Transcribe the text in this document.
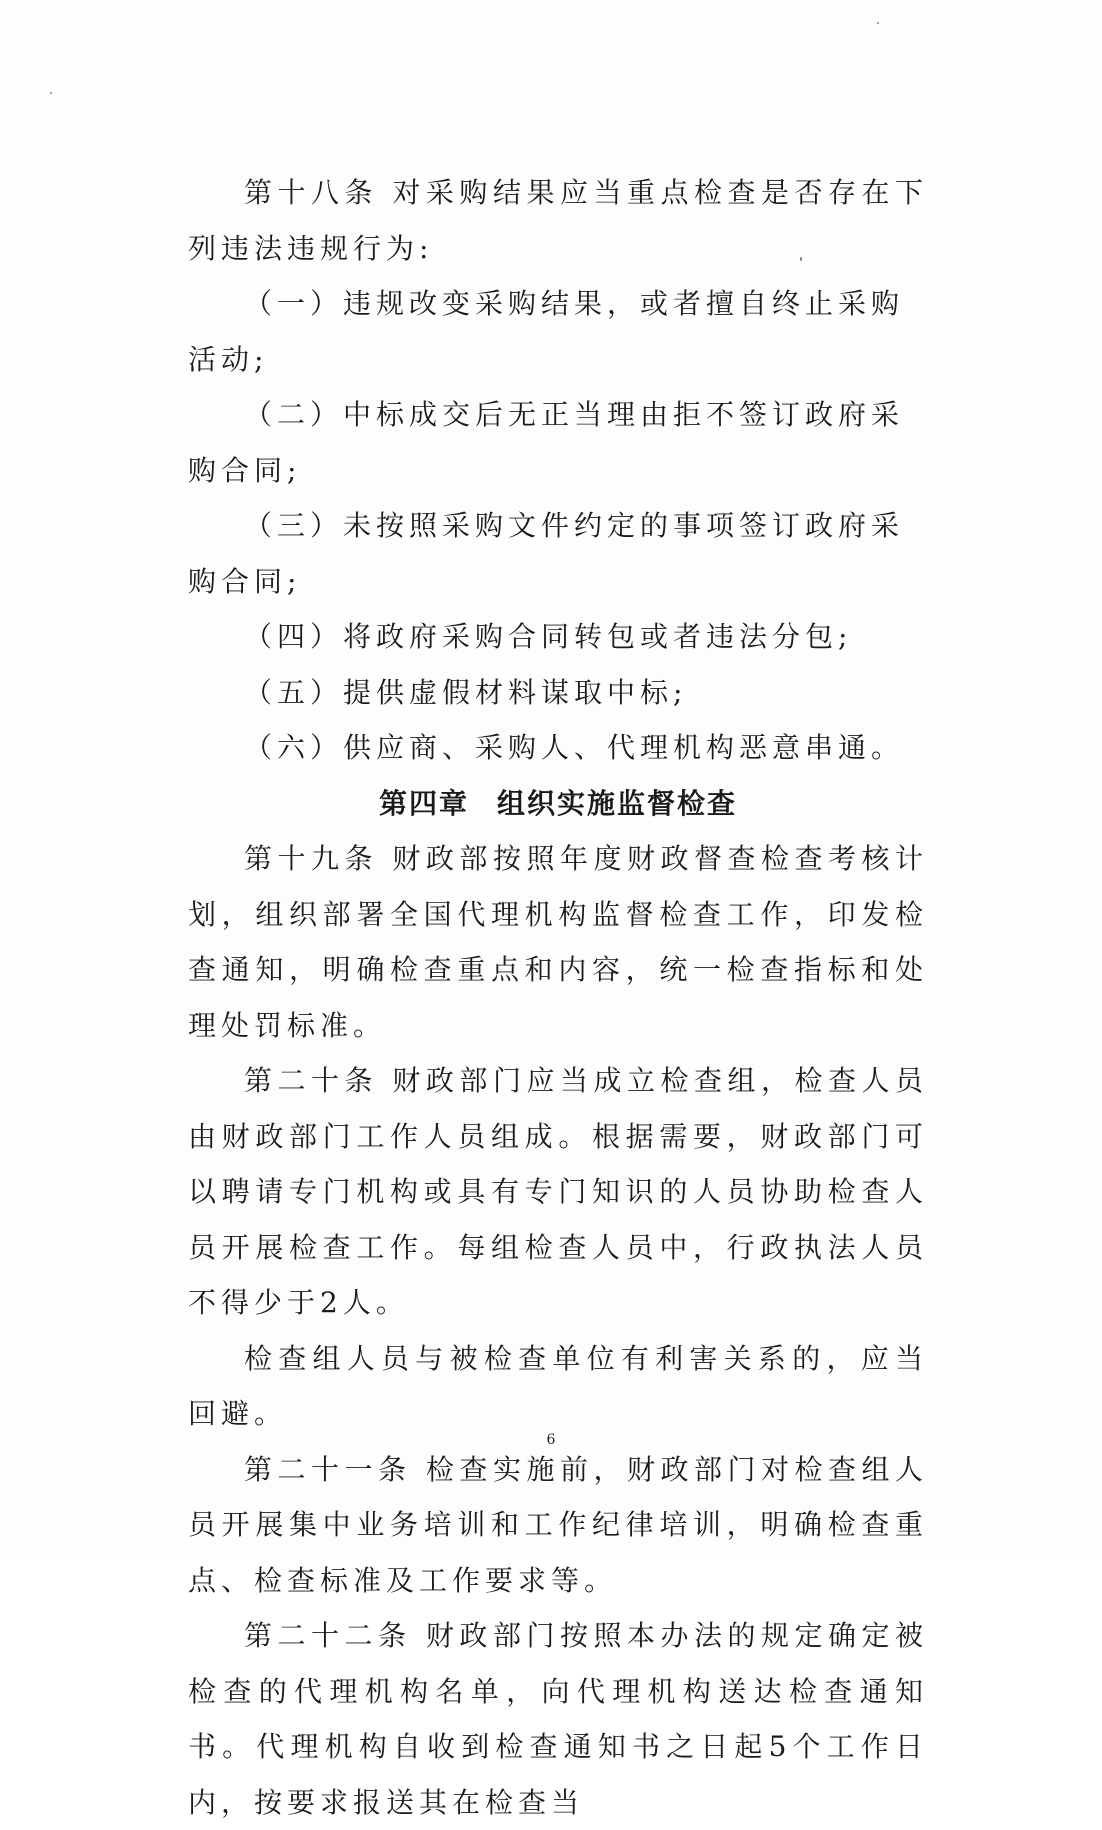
第十八条 对采购结果应当重点检查是否存在下列违法违规行为:

（一）违规改变采购结果，或者擅自终止采购活动;

（二）中标成交后无正当理由拒不签订政府采购合同;

（三）未按照采购文件约定的事项签订政府采购合同;

（四）将政府采购合同转包或者违法分包;

（五）提供虚假材料谋取中标;

（六）供应商、采购人、代理机构恶意串通。

第四章 组织实施监督检查

第十九条 财政部按照年度财政督查检查考核计划，组织部署全国代理机构监督检查工作，印发检查通知，明确检查重点和内容，统一检查指标和处理处罚标准。

第二十条 财政部门应当成立检查组，检查人员由财政部门工作人员组成。根据需要，财政部门可以聘请专门机构或具有专门知识的人员协助检查人员开展检查工作。每组检查人员中，行政执法人员不得少于2人。

检查组人员与被检查单位有利害关系的，应当回避。

第二十一条 检查实施前，财政部门对检查组人员开展集中业务培训和工作纪律培训，明确检查重点、检查标准及工作要求等。

第二十二条 财政部门按照本办法的规定确定被检查的代理机构名单，向代理机构送达检查通知书。代理机构自收到检查通知书之日起5个工作日内，按要求报送其在检查当

6
